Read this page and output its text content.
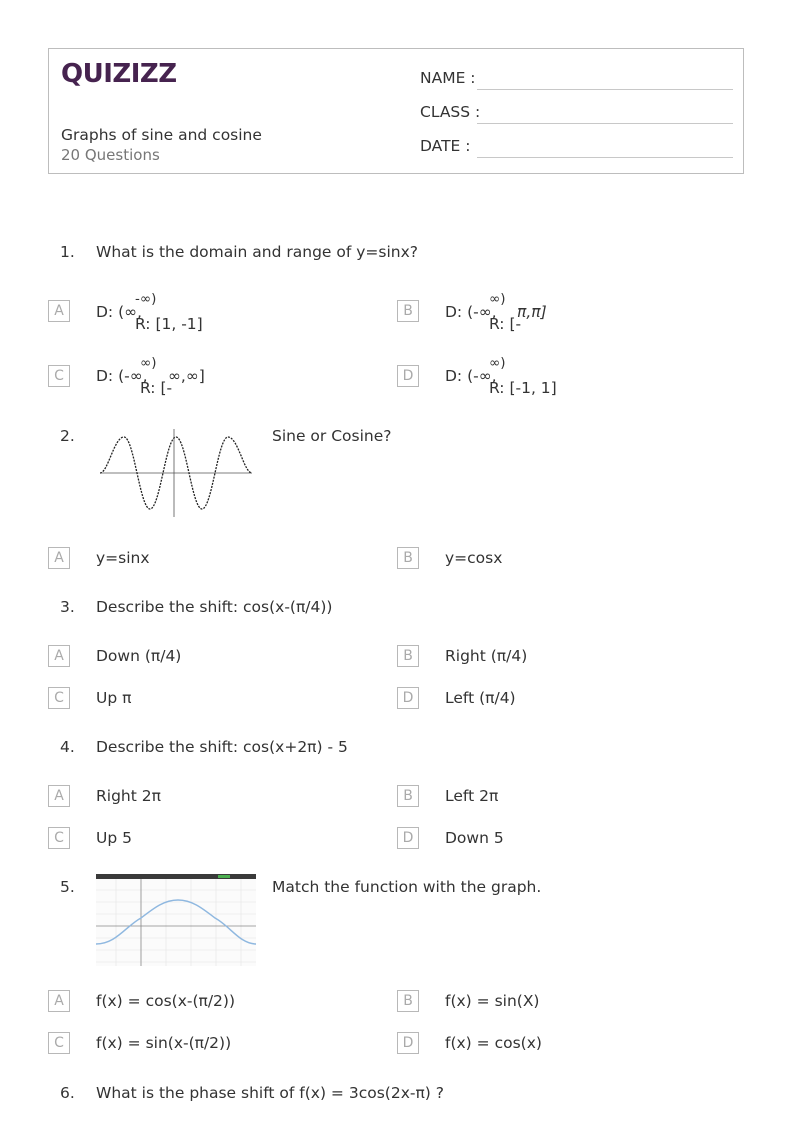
QUIZIZZ
Graphs of sine and cosine
20 Questions
NAME :
CLASS :
DATE :
1. What is the domain and range of y=sinx?
A	D: (∞,
-∞)
R: [1, -1]
B	D: (-∞,
∞)
R: [-
π,π]
C	D: (-∞,
∞)
R: [-
∞,∞]	D	D: (-∞,
∞)
R: [-1, 1]
2.	Sine or Cosine?
A	y=sinx	B	y=cosx
3. Describe the shift: cos(x-(π/4))
A	Down (π/4)	B	Right (π/4)
C	Up π	D	Left (π/4)
4. Describe the shift: cos(x+2π) - 5
A	Right 2π	B	Left 2π
C	Up 5	D	Down 5
5.	Match the function with the graph.
A	f(x) = cos(x-(π/2))	B	f(x) = sin(X)
C	f(x) = sin(x-(π/2))	D	f(x) = cos(x)
6. What is the phase shift of f(x) = 3cos(2x-π) ?
